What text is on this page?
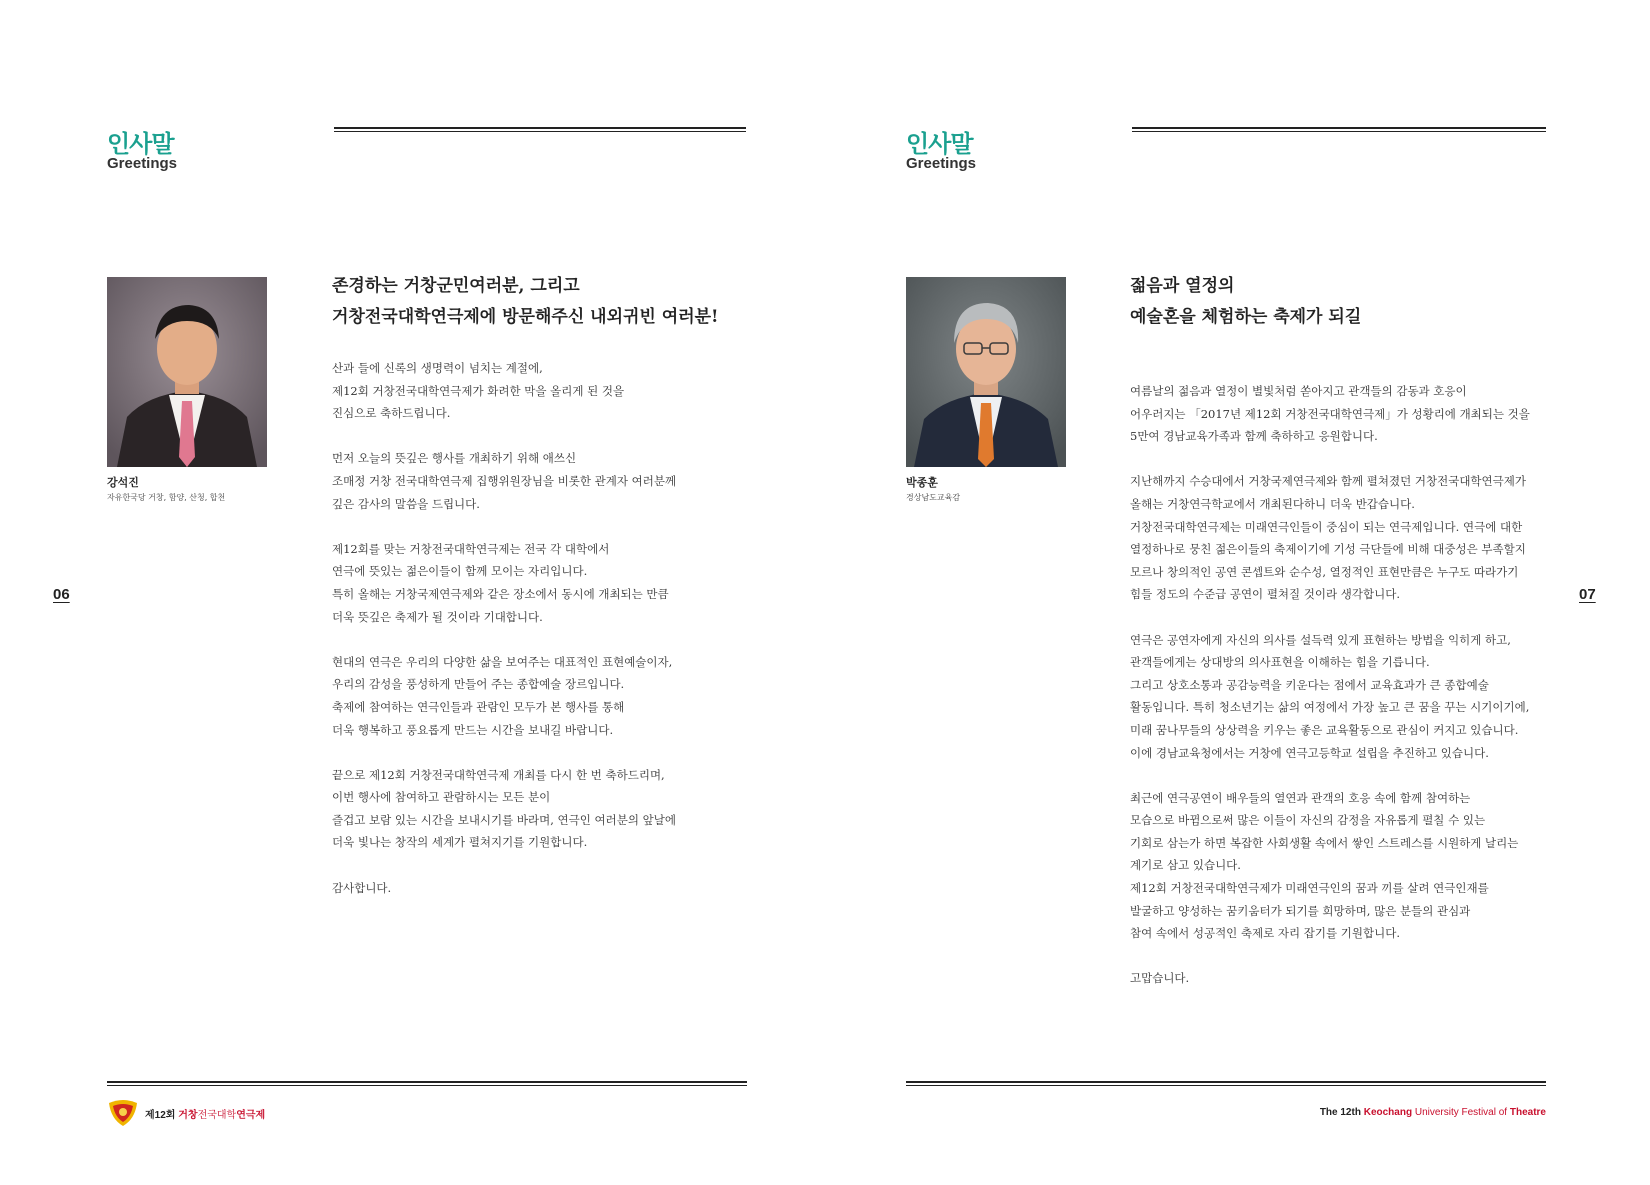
인사말
Greetings
강석진
자유한국당 거창, 함양, 산청, 합천
존경하는 거창군민여러분, 그리고
거창전국대학연극제에 방문해주신 내외귀빈 여러분!

산과 들에 신록의 생명력이 넘치는 계절에,
제12회 거창전국대학연극제가 화려한 막을 올리게 된 것을
진심으로 축하드립니다.

먼저 오늘의 뜻깊은 행사를 개최하기 위해 애쓰신
조매정 거창 전국대학연극제 집행위원장님을 비롯한 관계자 여러분께
깊은 감사의 말씀을 드립니다.

제12회를 맞는 거창전국대학연극제는 전국 각 대학에서
연극에 뜻있는 젊은이들이 함께 모이는 자리입니다.
특히 올해는 거창국제연극제와 같은 장소에서 동시에 개최되는 만큼
더욱 뜻깊은 축제가 될 것이라 기대합니다.

현대의 연극은 우리의 다양한 삶을 보여주는 대표적인 표현예술이자,
우리의 감성을 풍성하게 만들어 주는 종합예술 장르입니다.
축제에 참여하는 연극인들과 관람인 모두가 본 행사를 통해
더욱 행복하고 풍요롭게 만드는 시간을 보내길 바랍니다.

끝으로 제12회 거창전국대학연극제 개최를 다시 한 번 축하드리며,
이번 행사에 참여하고 관람하시는 모든 분이
즐겁고 보람 있는 시간을 보내시기를 바라며, 연극인 여러분의 앞날에
더욱 빛나는 창작의 세계가 펼쳐지기를 기원합니다.

감사합니다.

06
제12회 거창전국대학연극제
인사말
Greetings
박종훈
경상남도교육감
젊음과 열정의
예술혼을 체험하는 축제가 되길

여름날의 젊음과 열정이 별빛처럼 쏟아지고 관객들의 감동과 호응이
어우러지는 「2017년 제12회 거창전국대학연극제」가 성황리에 개최되는 것을
5만여 경남교육가족과 함께 축하하고 응원합니다.

지난해까지 수승대에서 거창국제연극제와 함께 펼쳐졌던 거창전국대학연극제가
올해는 거창연극학교에서 개최된다하니 더욱 반갑습니다.
거창전국대학연극제는 미래연극인들이 중심이 되는 연극제입니다. 연극에 대한
열정하나로 뭉친 젊은이들의 축제이기에 기성 극단들에 비해 대중성은 부족할지
모르나 창의적인 공연 콘셉트와 순수성, 열정적인 표현만큼은 누구도 따라가기
힘들 정도의 수준급 공연이 펼쳐질 것이라 생각합니다.

연극은 공연자에게 자신의 의사를 설득력 있게 표현하는 방법을 익히게 하고,
관객들에게는 상대방의 의사표현을 이해하는 힘을 기릅니다.
그리고 상호소통과 공감능력을 키운다는 점에서 교육효과가 큰 종합예술
활동입니다. 특히 청소년기는 삶의 여정에서 가장 높고 큰 꿈을 꾸는 시기이기에,
미래 꿈나무들의 상상력을 키우는 좋은 교육활동으로 관심이 커지고 있습니다.
이에 경남교육청에서는 거창에 연극고등학교 설립을 추진하고 있습니다.

최근에 연극공연이 배우들의 열연과 관객의 호응 속에 함께 참여하는
모습으로 바뀜으로써 많은 이들이 자신의 감정을 자유롭게 펼칠 수 있는
기회로 삼는가 하면 복잡한 사회생활 속에서 쌓인 스트레스를 시원하게 날리는
계기로 삼고 있습니다.
제12회 거창전국대학연극제가 미래연극인의 꿈과 끼를 살려 연극인재를
발굴하고 양성하는 꿈키움터가 되기를 희망하며, 많은 분들의 관심과
참여 속에서 성공적인 축제로 자리 잡기를 기원합니다.

고맙습니다.

07
The 12th Keochang University Festival of Theatre
